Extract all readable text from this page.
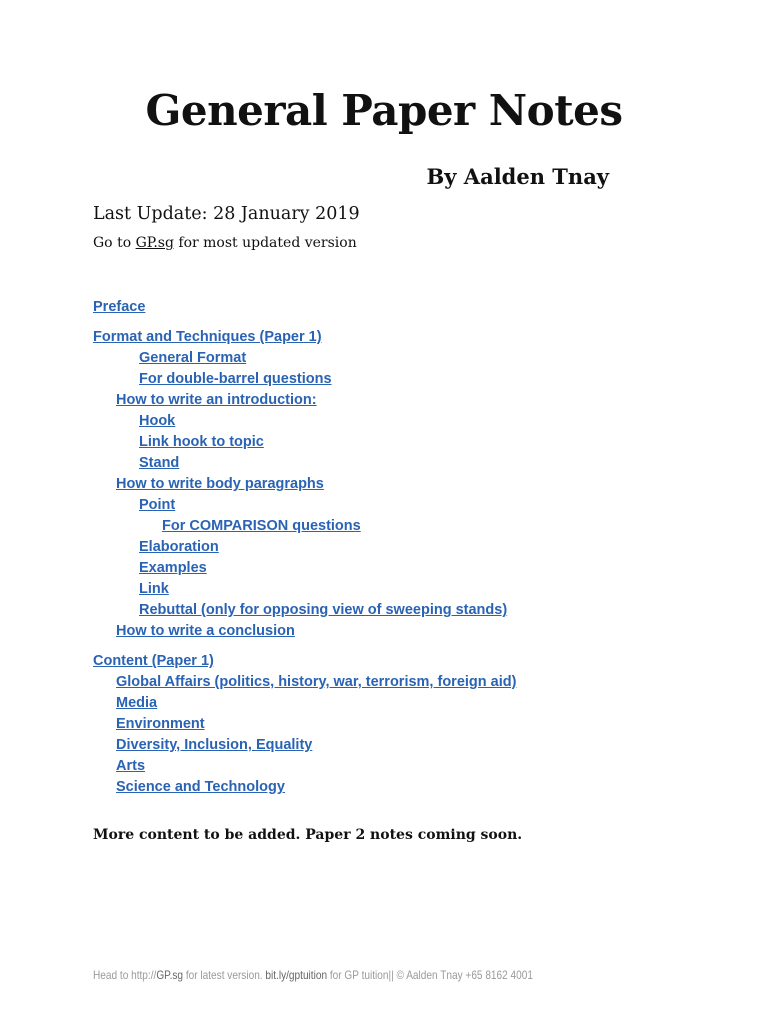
General Paper Notes
By Aalden Tnay
Last Update: 28 January 2019
Go to GP.sg for most updated version
Preface
Format and Techniques (Paper 1)
General Format
For double-barrel questions
How to write an introduction:
Hook
Link hook to topic
Stand
How to write body paragraphs
Point
For COMPARISON questions
Elaboration
Examples
Link
Rebuttal (only for opposing view of sweeping stands)
How to write a conclusion
Content (Paper 1)
Global Affairs (politics, history, war, terrorism, foreign aid)
Media
Environment
Diversity, Inclusion, Equality
Arts
Science and Technology
More content to be added. Paper 2 notes coming soon.
Head to http://GP.sg for latest version. bit.ly/gptuition for GP tuition|| © Aalden Tnay +65 8162 4001
